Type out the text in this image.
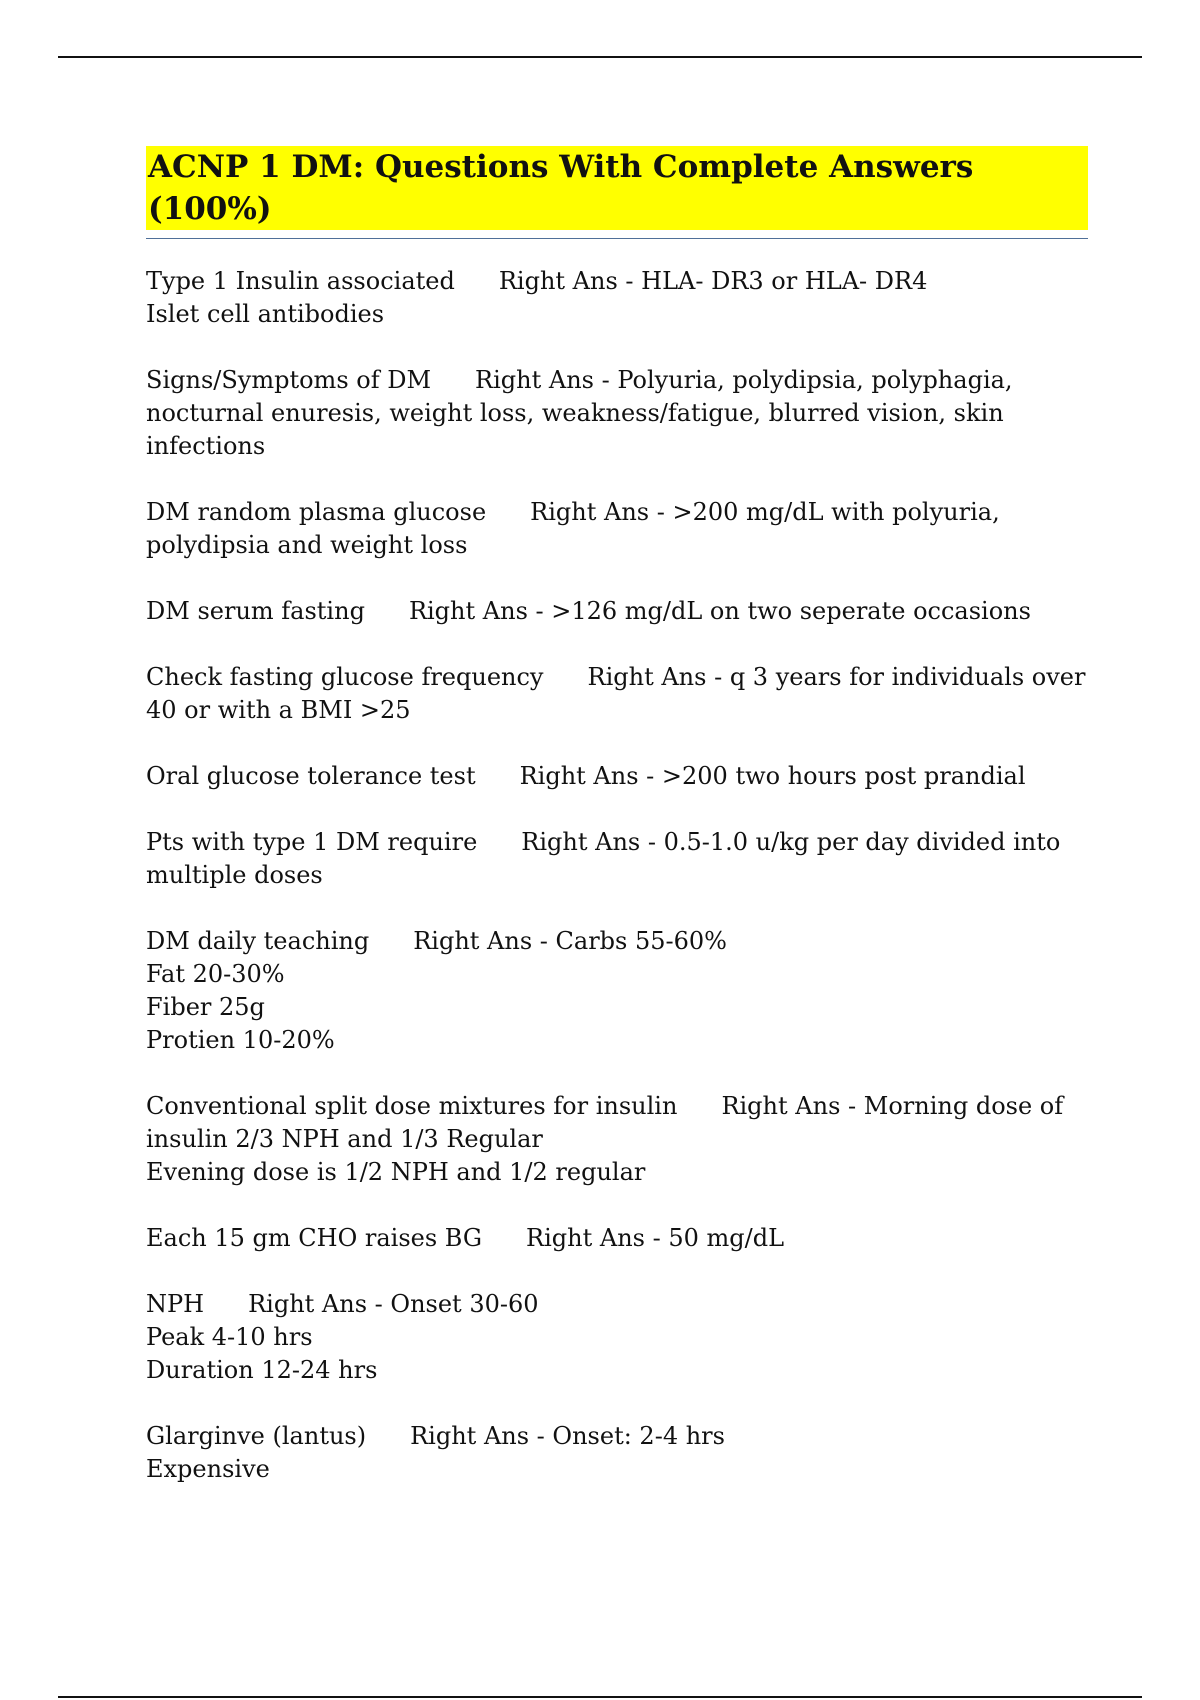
ACNP 1 DM: Questions With Complete Answers (100%)

Type 1 Insulin associated Right Ans - HLA- DR3 or HLA- DR4
Islet cell antibodies

Signs/Symptoms of DM Right Ans - Polyuria, polydipsia, polyphagia, nocturnal enuresis, weight loss, weakness/fatigue, blurred vision, skin infections

DM random plasma glucose Right Ans - >200 mg/dL with polyuria, polydipsia and weight loss

DM serum fasting Right Ans - >126 mg/dL on two seperate occasions

Check fasting glucose frequency Right Ans - q 3 years for individuals over 40 or with a BMI >25

Oral glucose tolerance test Right Ans - >200 two hours post prandial

Pts with type 1 DM require Right Ans - 0.5-1.0 u/kg per day divided into multiple doses

DM daily teaching Right Ans - Carbs 55-60%
Fat 20-30%
Fiber 25g
Protien 10-20%

Conventional split dose mixtures for insulin Right Ans - Morning dose of insulin 2/3 NPH and 1/3 Regular
Evening dose is 1/2 NPH and 1/2 regular

Each 15 gm CHO raises BG Right Ans - 50 mg/dL

NPH Right Ans - Onset 30-60
Peak 4-10 hrs
Duration 12-24 hrs

Glarginve (lantus) Right Ans - Onset: 2-4 hrs
Expensive
